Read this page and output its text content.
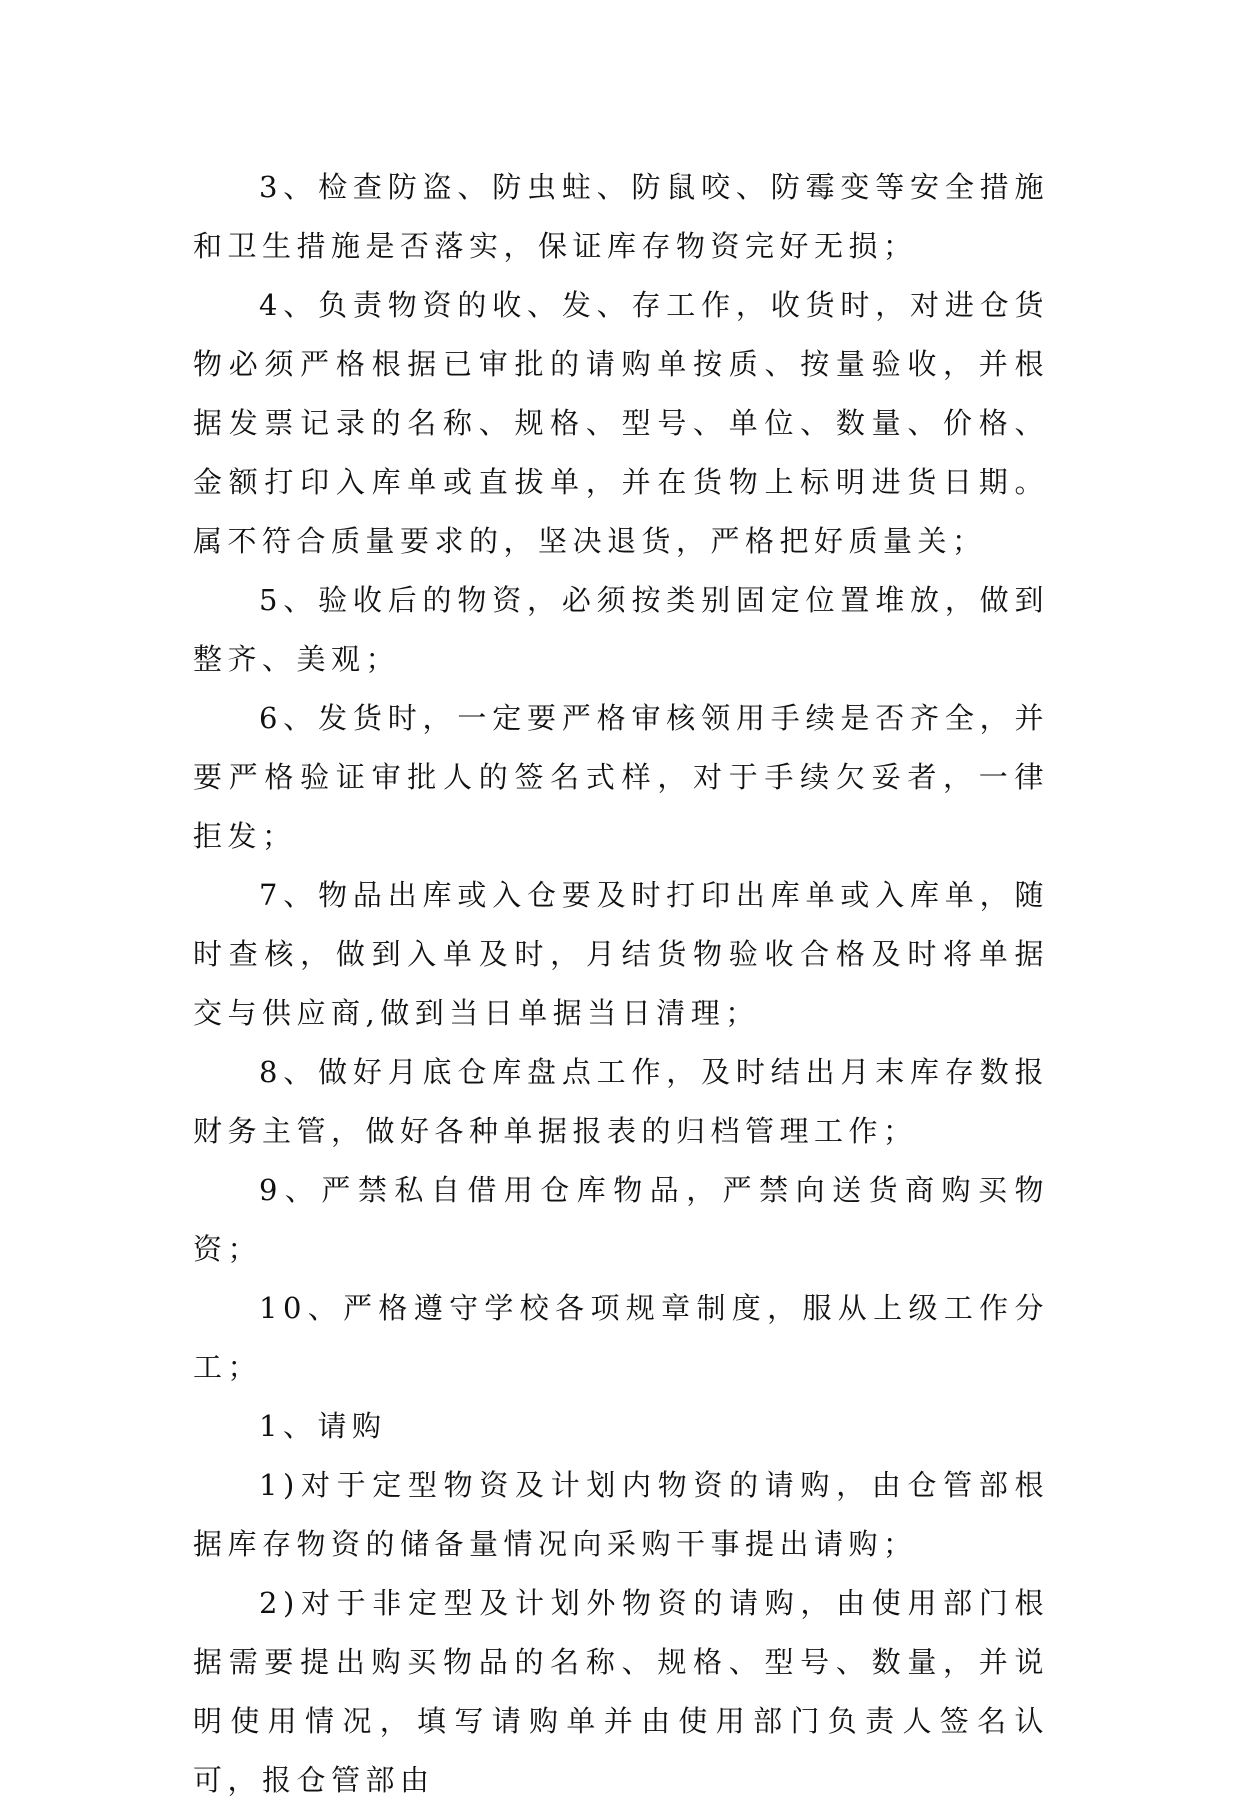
3、检查防盗、防虫蛀、防鼠咬、防霉变等安全措施和卫生措施是否落实，保证库存物资完好无损；

4、负责物资的收、发、存工作，收货时，对进仓货物必须严格根据已审批的请购单按质、按量验收，并根据发票记录的名称、规格、型号、单位、数量、价格、金额打印入库单或直拔单，并在货物上标明进货日期。属不符合质量要求的，坚决退货，严格把好质量关；

5、验收后的物资，必须按类别固定位置堆放，做到整齐、美观；

6、发货时，一定要严格审核领用手续是否齐全，并要严格验证审批人的签名式样，对于手续欠妥者，一律拒发；

7、物品出库或入仓要及时打印出库单或入库单，随时查核，做到入单及时，月结货物验收合格及时将单据交与供应商,做到当日单据当日清理；

8、做好月底仓库盘点工作，及时结出月末库存数报财务主管，做好各种单据报表的归档管理工作；

9、严禁私自借用仓库物品，严禁向送货商购买物资；

10、严格遵守学校各项规章制度，服从上级工作分工；

1、请购

1)对于定型物资及计划内物资的请购，由仓管部根据库存物资的储备量情况向采购干事提出请购；

2)对于非定型及计划外物资的请购，由使用部门根据需要提出购买物品的名称、规格、型号、数量，并说明使用情况，填写请购单并由使用部门负责人签名认可，报仓管部由
